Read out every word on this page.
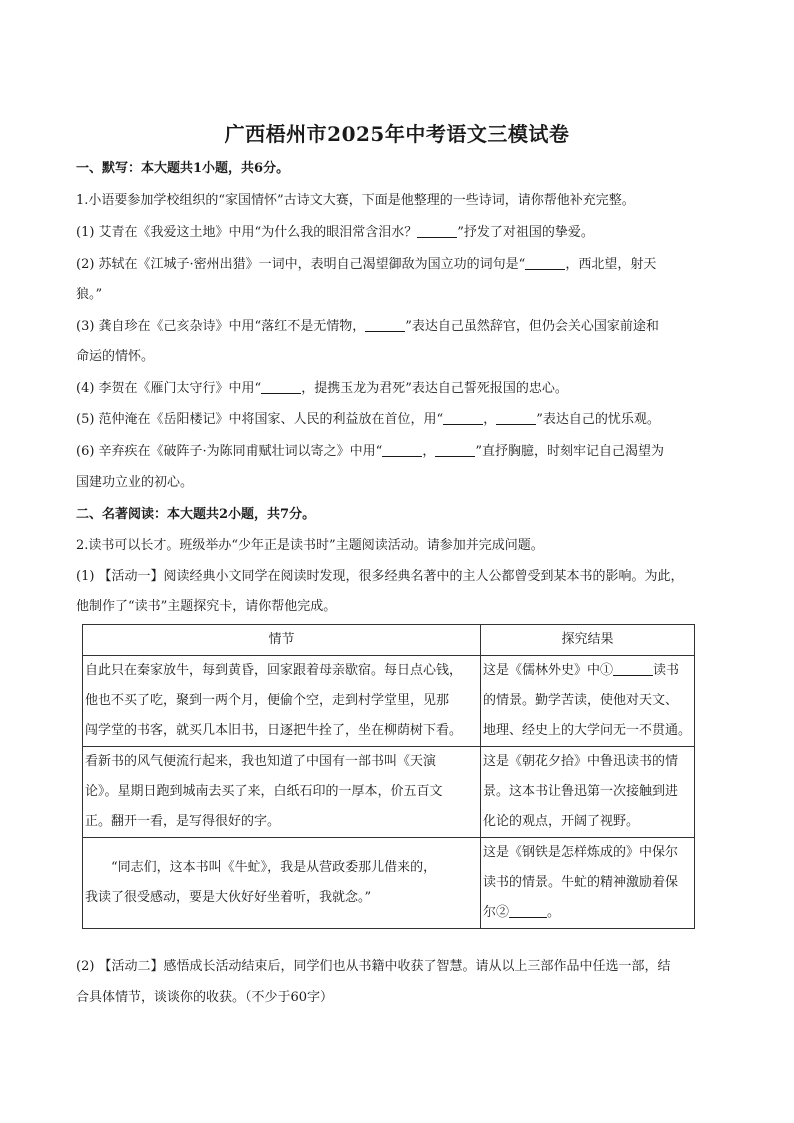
广西梧州市2025年中考语文三模试卷
一、默写：本大题共1小题，共6分。
1.小语要参加学校组织的“家国情怀”古诗文大赛，下面是他整理的一些诗词，请你帮他补充完整。
(1) 艾青在《我爱这土地》中用“为什么我的眼泪常含泪水？	”抒发了对祖国的挚爱。
(2) 苏轼在《江城子·密州出猎》一词中，表明自己渴望御敌为国立功的词句是“	，西北望，射天
狼。”
(3) 龚自珍在《己亥杂诗》中用“落红不是无情物，	”表达自己虽然辞官，但仍会关心国家前途和
命运的情怀。
(4) 李贺在《雁门太守行》中用“	，提携玉龙为君死”表达自己誓死报国的忠心。
(5) 范仲淹在《岳阳楼记》中将国家、人民的利益放在首位，用“	，	”表达自己的忧乐观。
(6) 辛弃疾在《破阵子·为陈同甫赋壮词以寄之》中用“	，	”直抒胸臆，时刻牢记自己渴望为
国建功立业的初心。
二、名著阅读：本大题共2小题，共7分。
2.读书可以长才。班级举办“少年正是读书时”主题阅读活动。请参加并完成问题。
(1) 【活动一】阅读经典小文同学在阅读时发现，很多经典名著中的主人公都曾受到某本书的影响。为此，
他制作了“读书”主题探究卡，请你帮他完成。
情节	探究结果

自此只在秦家放牛，每到黄昏，回家跟着母亲歇宿。每日点心钱，
他也不买了吃，聚到一两个月，便偷个空，走到村学堂里，见那
闯学堂的书客，就买几本旧书，日逐把牛拴了，坐在柳荫树下看。	这是《儒林外史》中① 读书
的情景。勤学苦读，使他对天文、
地理、经史上的大学问无一不贯通。

看新书的风气便流行起来，我也知道了中国有一部书叫《天演
论》。星期日跑到城南去买了来，白纸石印的一厚本，价五百文
正。翻开一看，是写得很好的字。	这是《朝花夕拾》中鲁迅读书的情
景。这本书让鲁迅第一次接触到进
化论的观点，开阔了视野。

“同志们，这本书叫《牛虻》，我是从营政委那儿借来的，
我读了很受感动，要是大伙好好坐着听，我就念。”	这是《钢铁是怎样炼成的》中保尔
读书的情景。牛虻的精神激励着保
尔② 。
(2) 【活动二】感悟成长活动结束后，同学们也从书籍中收获了智慧。请从以上三部作品中任选一部，结
合具体情节，谈谈你的收获。（不少于60字）
